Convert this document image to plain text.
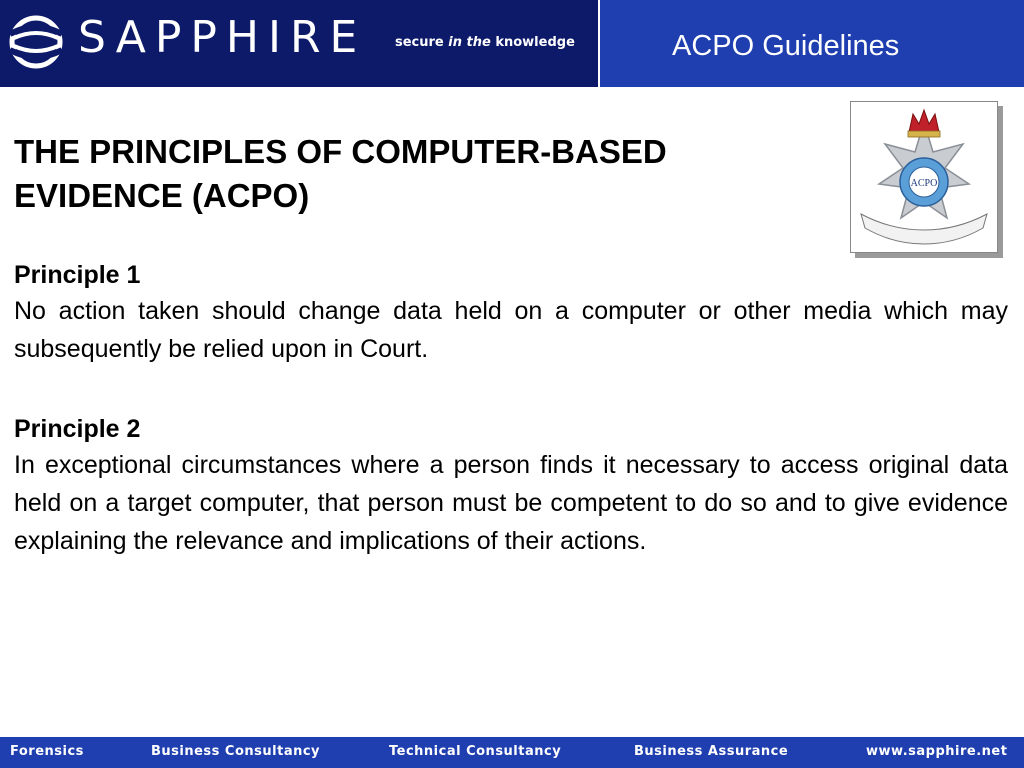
SAPPHIRE secure in the knowledge	ACPO Guidelines
ACPO
THE PRINCIPLES OF COMPUTER-BASED
EVIDENCE (ACPO)
Principle 1

No action taken should change data held on a computer or other media which may subsequently be relied upon in Court.

Principle 2

In exceptional circumstances where a person finds it necessary to access original data held on a target computer, that person must be competent to do so and to give evidence explaining the relevance and implications of their actions.

Forensics	Business Consultancy	Technical Consultancy	Business Assurance	www.sapphire.net
